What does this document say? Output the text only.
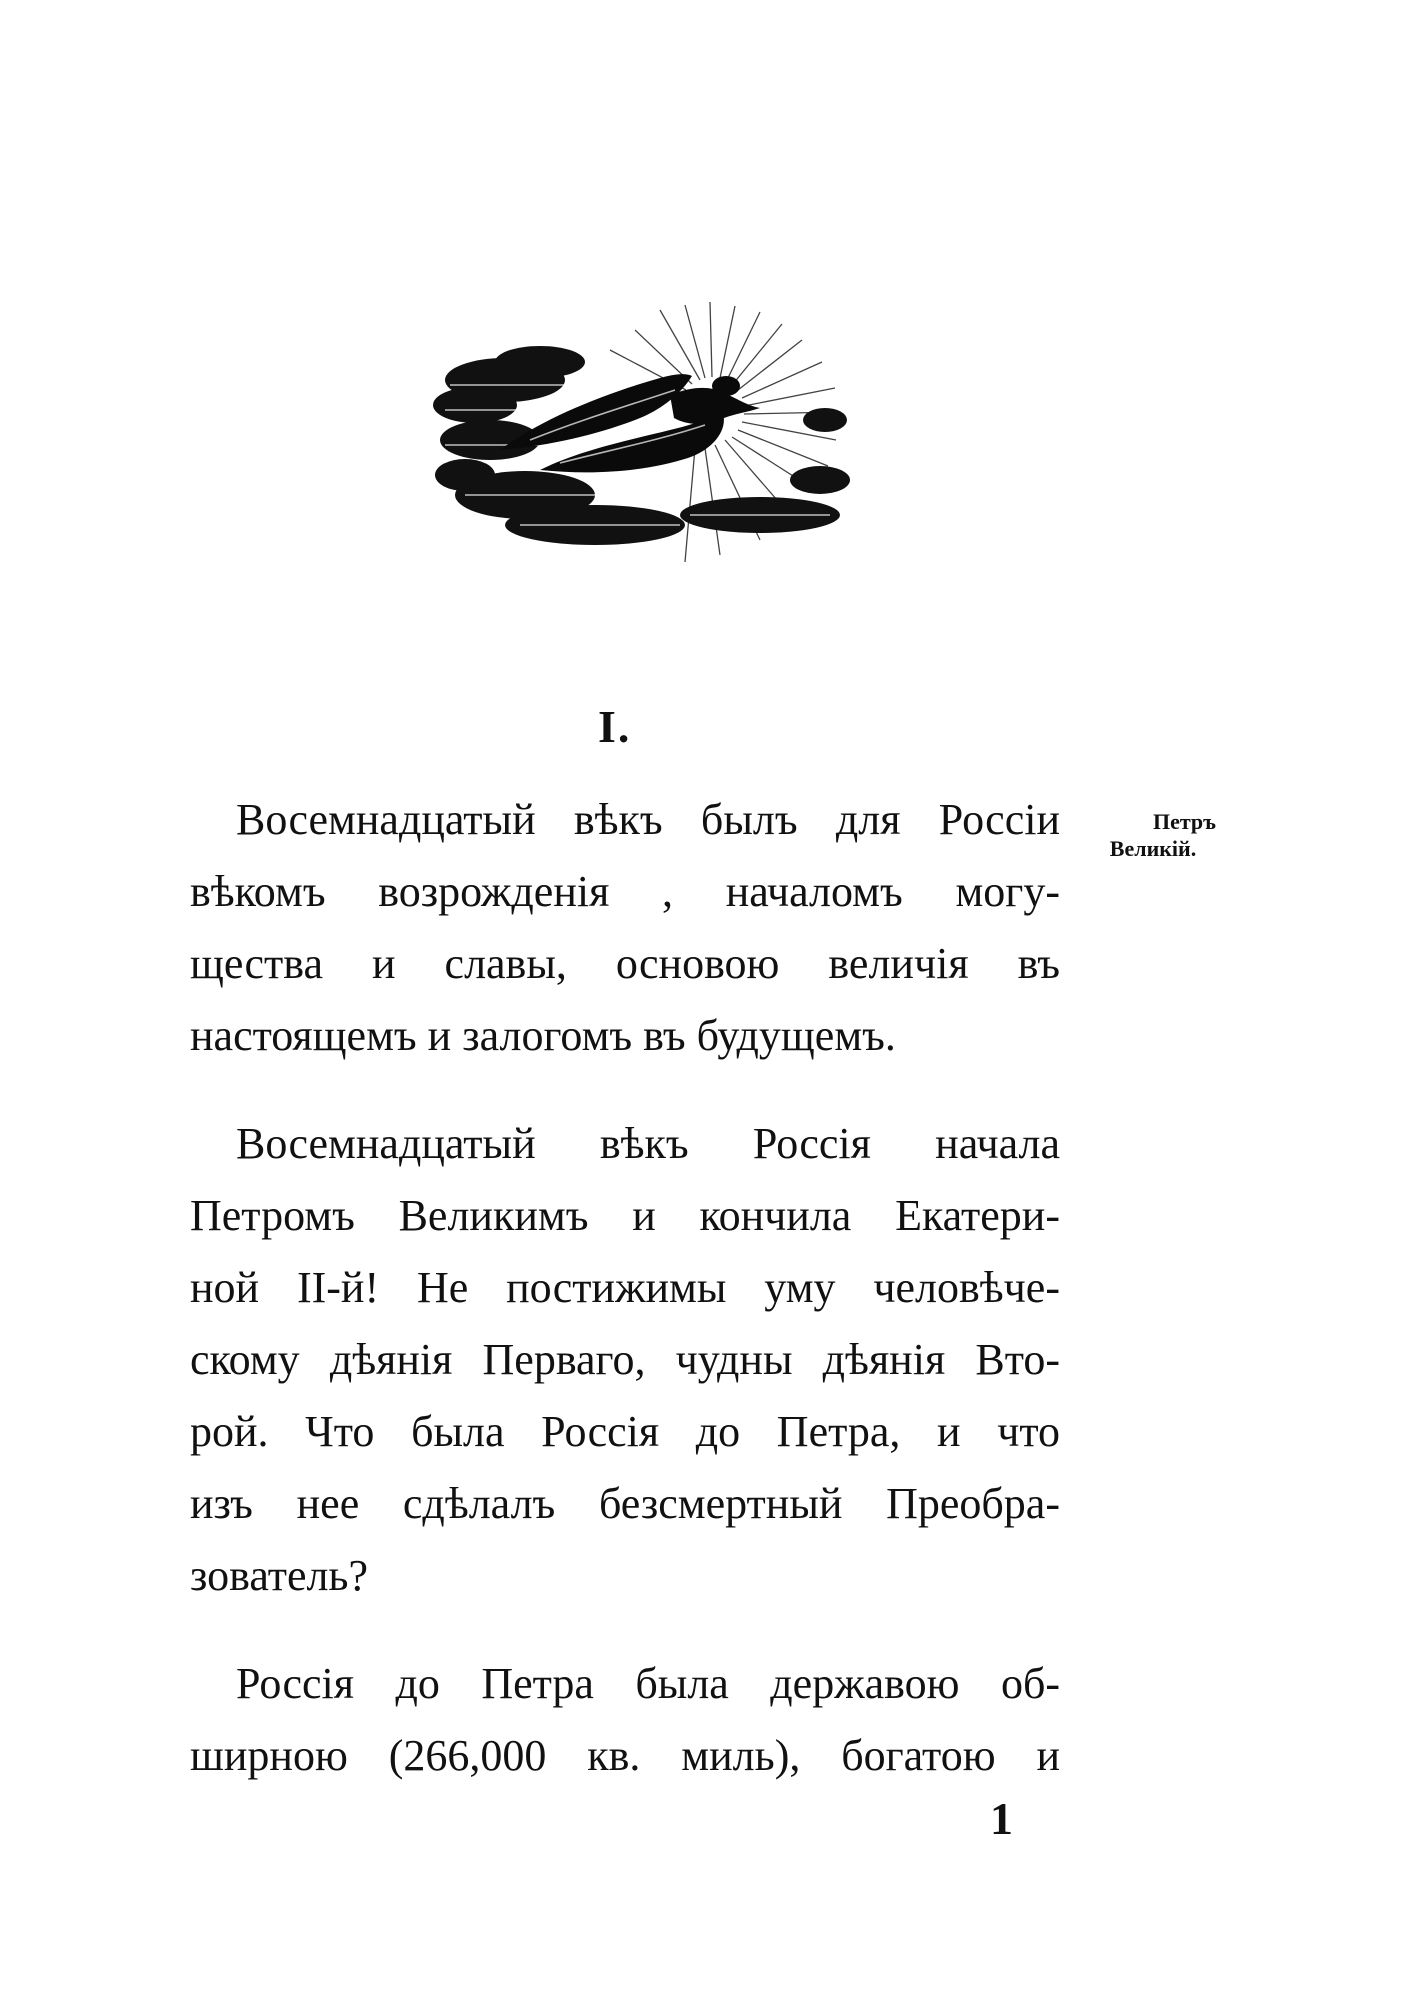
I.
Петръ
Великій.
Восемнадцатый вѣкъ былъ для Россіи
вѣкомъ возрожденія , началомъ могу-
щества и славы, основою величія въ
настоящемъ и залогомъ въ будущемъ.
Восемнадцатый вѣкъ Россія начала
Петромъ Великимъ и кончила Екатери-
ной II-й! Не постижимы уму человѣче-
скому дѣянія Перваго, чудны дѣянія Вто-
рой. Что была Россія до Петра, и что
изъ нее сдѣлалъ безсмертный Преобра-
зователь?
Россія до Петра была державою об-
ширною (266,000 кв. миль), богатою и
1
